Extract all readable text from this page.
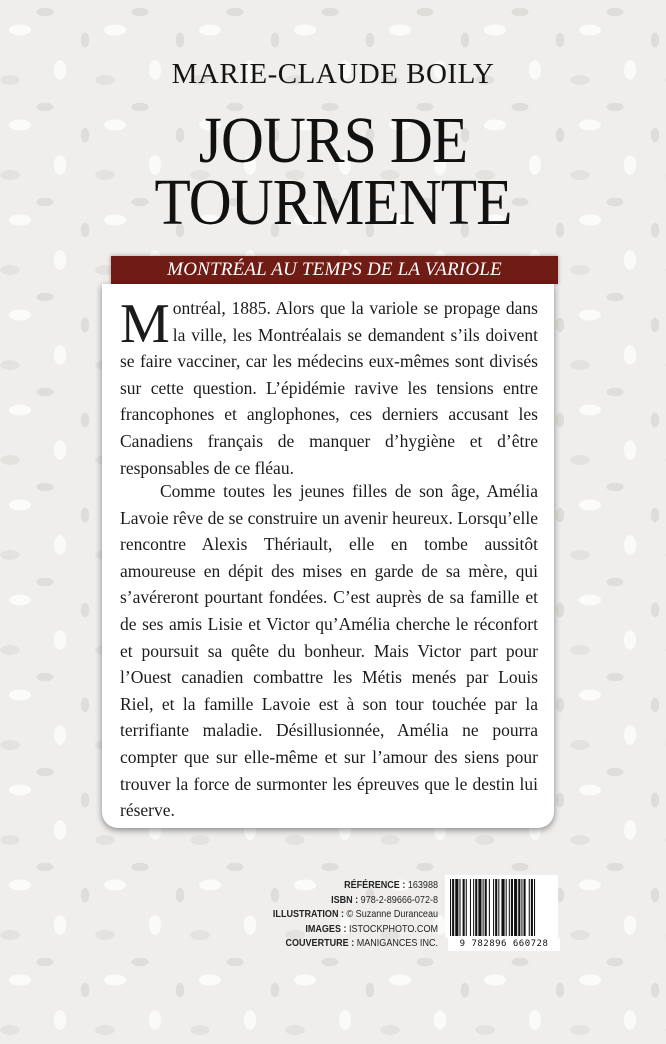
MARIE-CLAUDE BOILY
JOURS DE
TOURMENTE
MONTRÉAL AU TEMPS DE LA VARIOLE

Montréal, 1885. Alors que la variole se propage dans la ville, les Montréalais se demandent s’ils doivent se faire vacciner, car les médecins eux-mêmes sont divisés sur cette question. L’épidémie ravive les tensions entre francophones et anglophones, ces derniers accusant les Canadiens français de manquer d’hygiène et d’être responsables de ce fléau.

Comme toutes les jeunes filles de son âge, Amélia Lavoie rêve de se construire un avenir heureux. Lorsqu’elle rencontre Alexis Thériault, elle en tombe aussitôt amoureuse en dépit des mises en garde de sa mère, qui s’avéreront pourtant fondées. C’est auprès de sa famille et de ses amis Lisie et Victor qu’Amélia cherche le réconfort et poursuit sa quête du bonheur. Mais Victor part pour l’Ouest canadien combattre les Métis menés par Louis Riel, et la famille Lavoie est à son tour touchée par la terrifiante maladie. Désillusionnée, Amélia ne pourra compter que sur elle-même et sur l’amour des siens pour trouver la force de surmonter les épreuves que le destin lui réserve.

RÉFÉRENCE : 163988
ISBN : 978-2-89666-072-8
ILLUSTRATION : © Suzanne Duranceau
IMAGES : ISTOCKPHOTO.COM
COUVERTURE : MANIGANCES INC.	9 782896 660728
